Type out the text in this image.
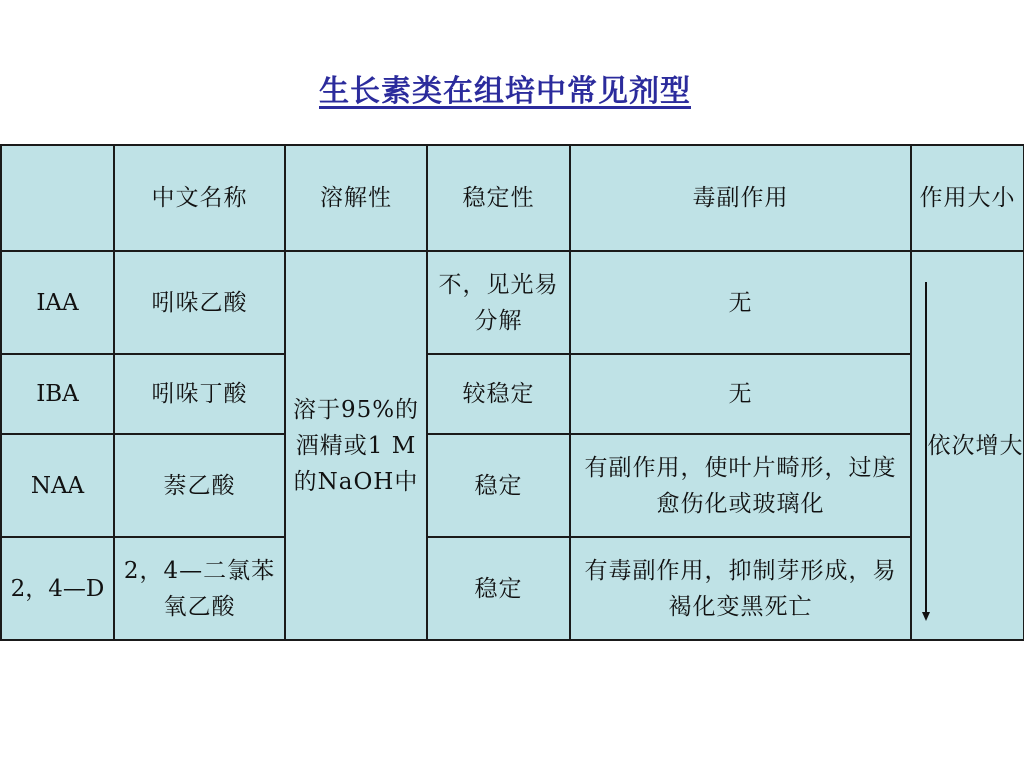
生长素类在组培中常见剂型
	中文名称	溶解性	稳定性	毒副作用	作用大小
IAA	吲哚乙酸	溶于95%的酒精或1 M的NaOH中	不，见光易分解	无	依次增大

IBA	吲哚丁酸		较稳定	无	
NAA	萘乙酸		稳定	有副作用，使叶片畸形，过度愈伤化或玻璃化	
2，4—D	2，4—二氯苯氧乙酸		稳定	有毒副作用，抑制芽形成，易褐化变黑死亡	
